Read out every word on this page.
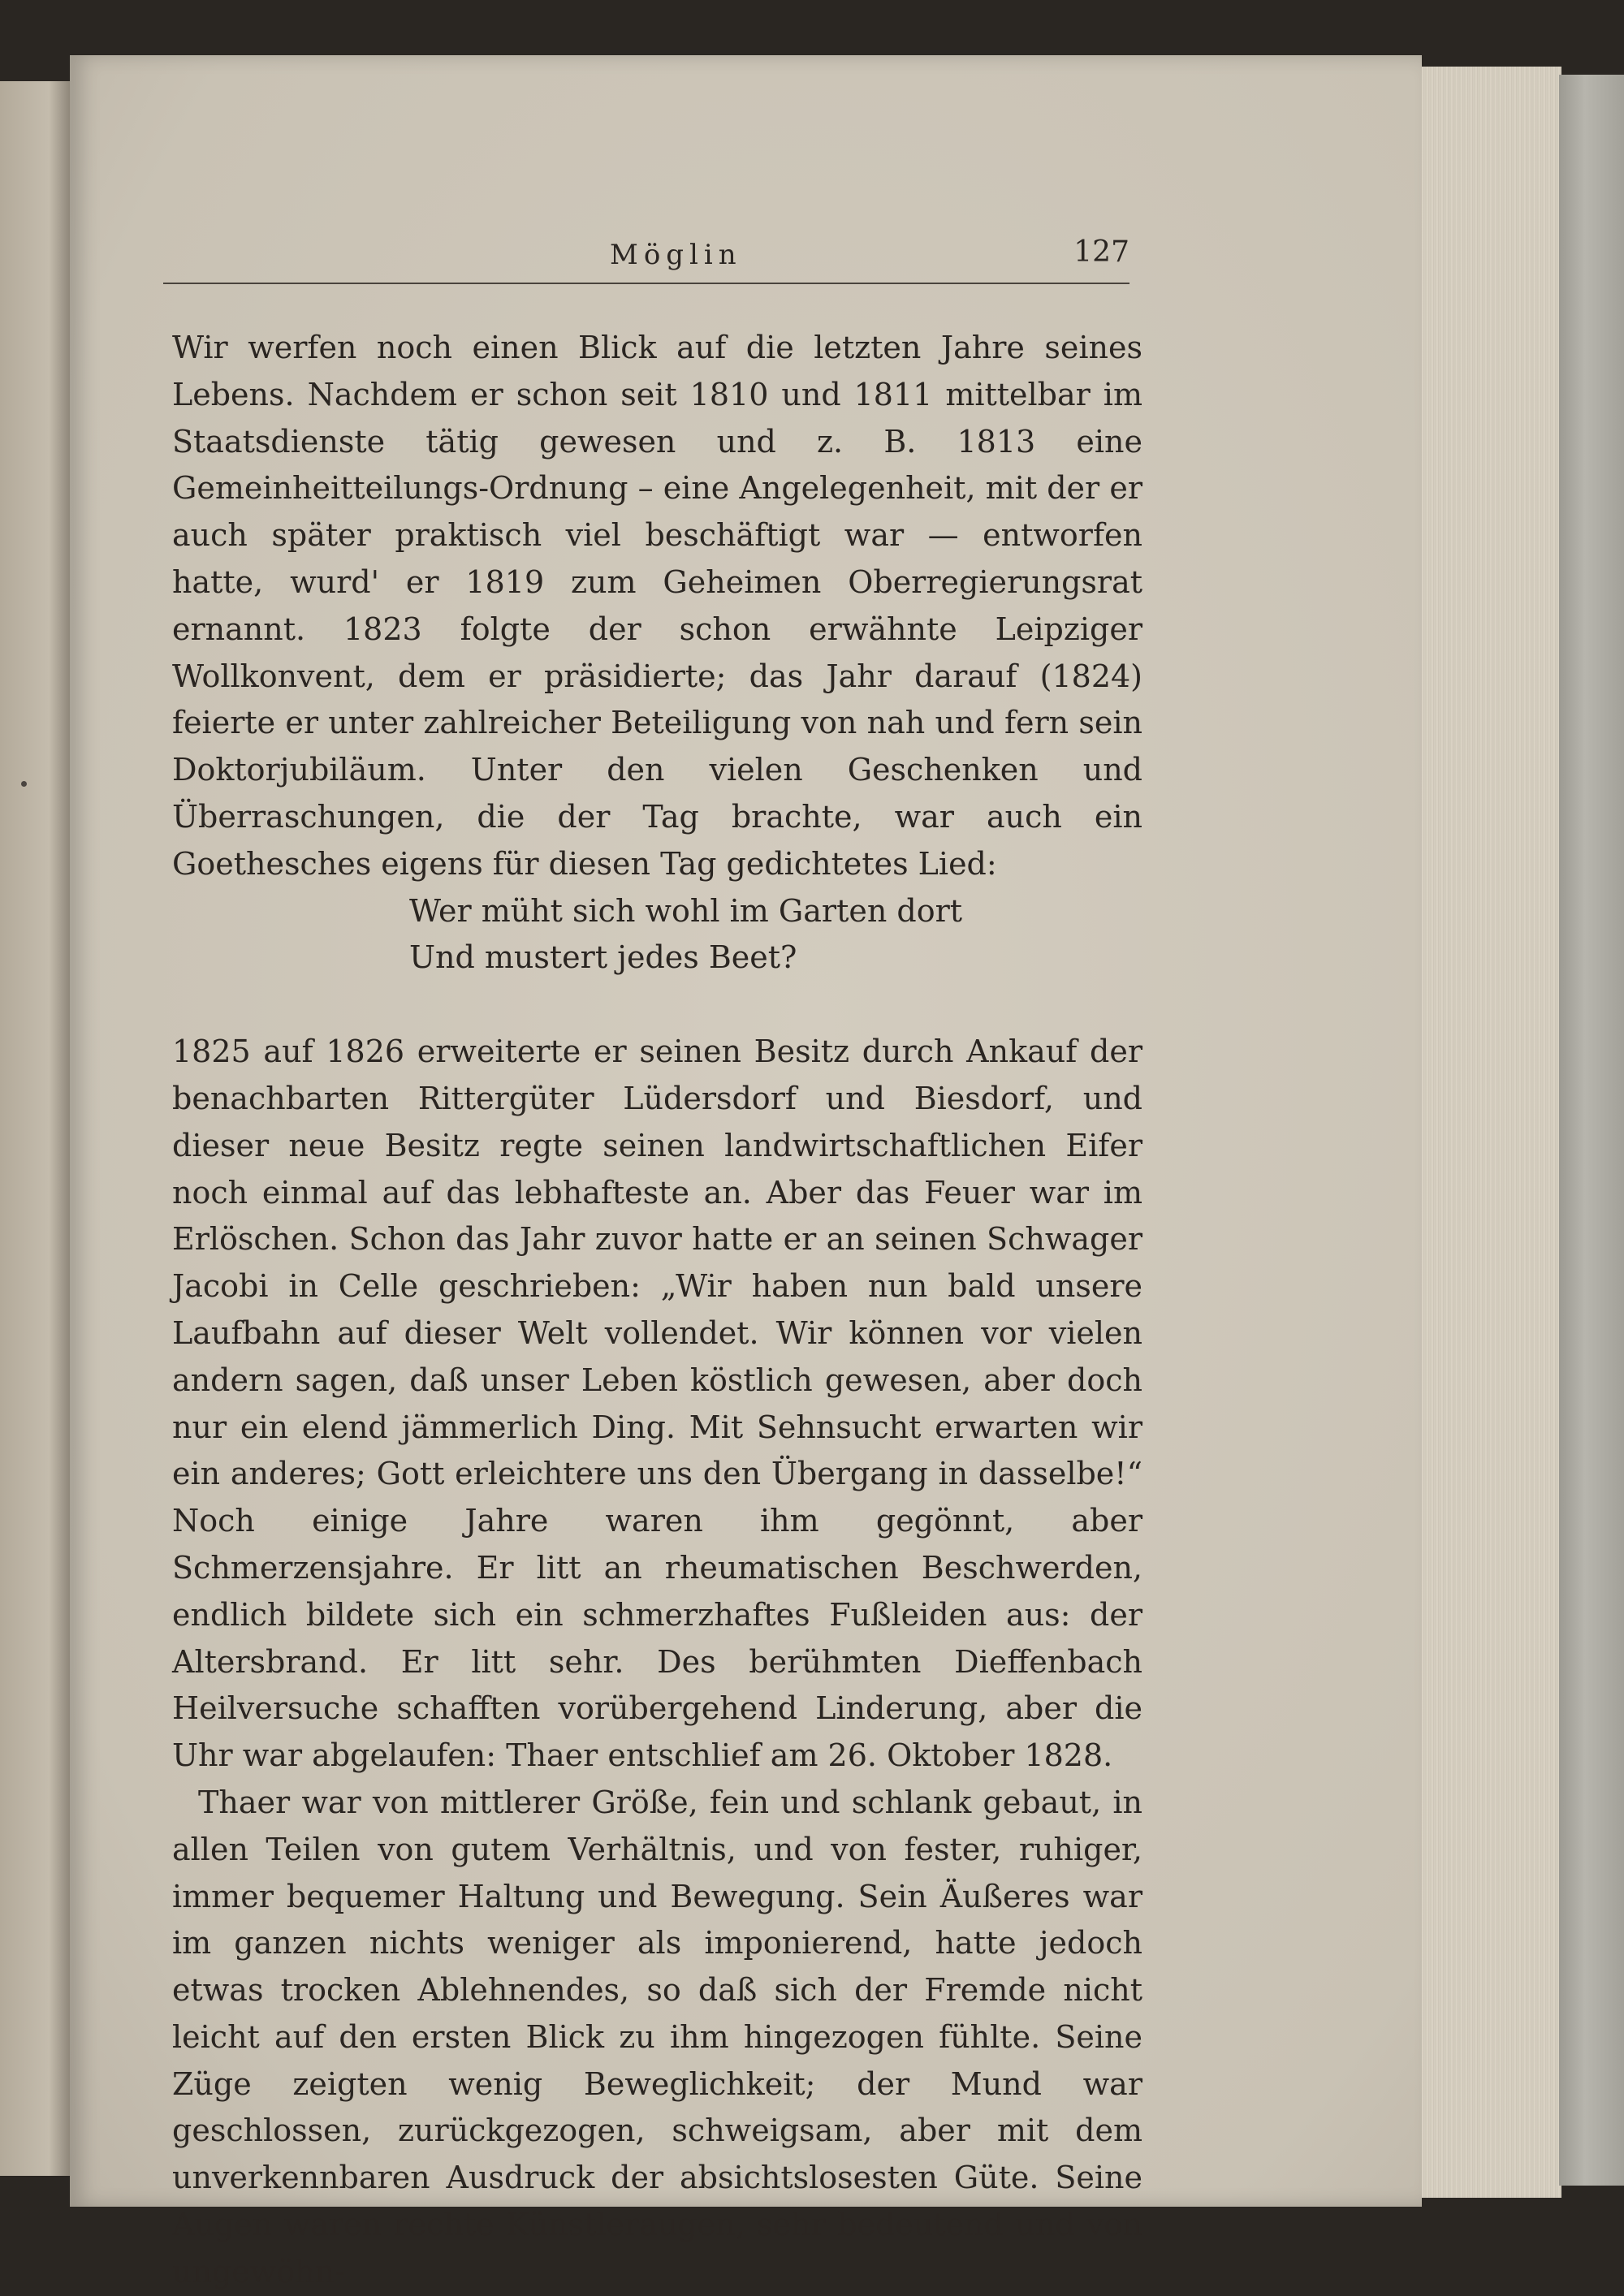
Möglin	127

Wir werfen noch einen Blick auf die letzten Jahre seines Lebens. Nachdem er schon seit 1810 und 1811 mittelbar im Staatsdienste tätig gewesen und z. B. 1813 eine Gemeinheitteilungs-Ordnung – eine Angelegenheit, mit der er auch später praktisch viel beschäftigt war — entworfen hatte, wurd' er 1819 zum Geheimen Oberregierungsrat ernannt. 1823 folgte der schon erwähnte Leipziger Wollkonvent, dem er präsidierte; das Jahr darauf (1824) feierte er unter zahlreicher Beteiligung von nah und fern sein Doktorjubiläum. Unter den vielen Geschenken und Überraschungen, die der Tag brachte, war auch ein Goethesches eigens für diesen Tag gedichtetes Lied:

Wer müht sich wohl im Garten dort
Und mustert jedes Beet?

1825 auf 1826 erweiterte er seinen Besitz durch Ankauf der benachbarten Rittergüter Lüdersdorf und Biesdorf, und dieser neue Besitz regte seinen landwirtschaftlichen Eifer noch einmal auf das lebhafteste an. Aber das Feuer war im Erlöschen. Schon das Jahr zuvor hatte er an seinen Schwager Jacobi in Celle geschrieben: „Wir haben nun bald unsere Laufbahn auf dieser Welt vollendet. Wir können vor vielen andern sagen, daß unser Leben köstlich gewesen, aber doch nur ein elend jämmerlich Ding. Mit Sehnsucht erwarten wir ein anderes; Gott erleichtere uns den Übergang in dasselbe!“ Noch einige Jahre waren ihm gegönnt, aber Schmerzensjahre. Er litt an rheumatischen Beschwerden, endlich bildete sich ein schmerzhaftes Fußleiden aus: der Altersbrand. Er litt sehr. Des berühmten Dieffenbach Heilversuche schafften vorübergehend Linderung, aber die Uhr war abgelaufen: Thaer entschlief am 26. Oktober 1828.

Thaer war von mittlerer Größe, fein und schlank gebaut, in allen Teilen von gutem Verhältnis, und von fester, ruhiger, immer bequemer Haltung und Bewegung. Sein Äußeres war im ganzen nichts weniger als imponierend, hatte jedoch etwas trocken Ablehnendes, so daß sich der Fremde nicht leicht auf den ersten Blick zu ihm hingezogen fühlte. Seine Züge zeigten wenig Beweglichkeit; der Mund war geschlossen, zurückgezogen, schweigsam, aber mit dem unverkennbaren Ausdruck der absichtslosesten Güte. Seine Augen waren rechte Künstleraugen, sehr bedeutend und von ungewöhn-
